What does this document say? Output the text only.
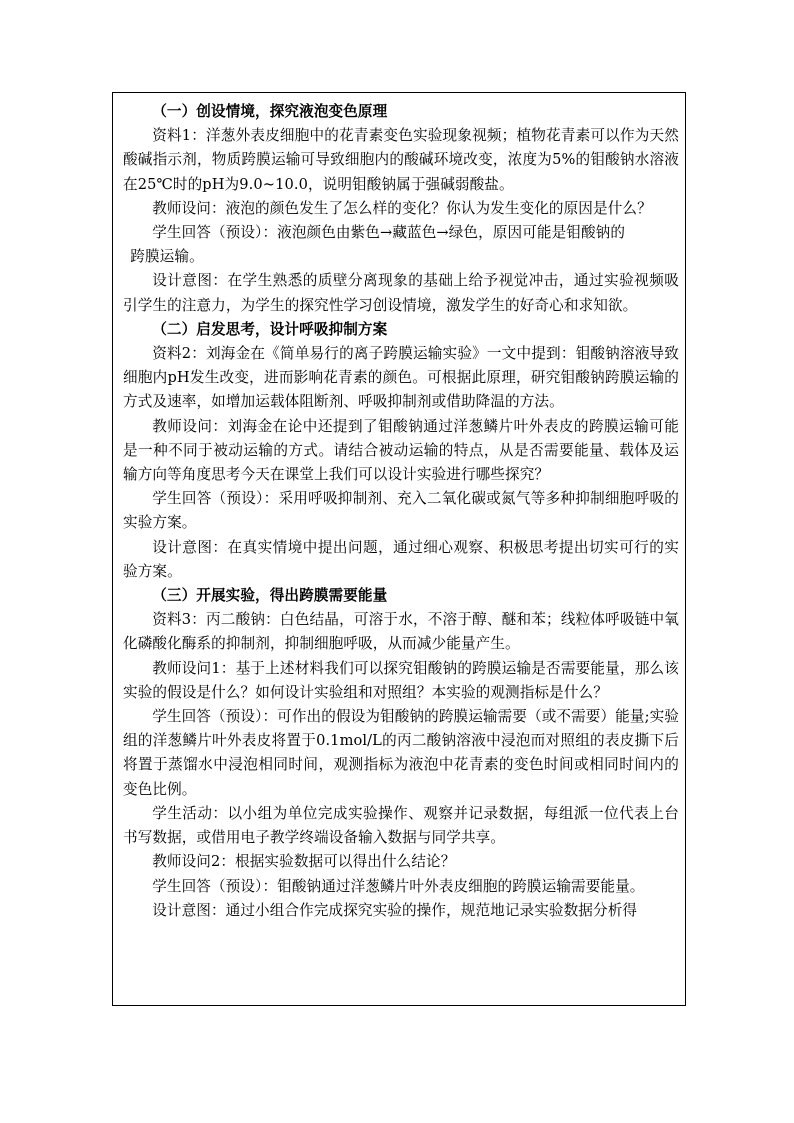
（一）创设情境，探究液泡变色原理

资料1：洋葱外表皮细胞中的花青素变色实验现象视频；植物花青素可以作为天然酸碱指示剂，物质跨膜运输可导致细胞内的酸碱环境改变，浓度为5%的钼酸钠水溶液在25℃时的pH为9.0~10.0，说明钼酸钠属于强碱弱酸盐。

教师设问：液泡的颜色发生了怎么样的变化？你认为发生变化的原因是什么？

学生回答（预设）：液泡颜色由紫色→藏蓝色→绿色，原因可能是钼酸钠的

跨膜运输。

设计意图：在学生熟悉的质壁分离现象的基础上给予视觉冲击，通过实验视频吸引学生的注意力，为学生的探究性学习创设情境，激发学生的好奇心和求知欲。

（二）启发思考，设计呼吸抑制方案

资料2：刘海金在《简单易行的离子跨膜运输实验》一文中提到：钼酸钠溶液导致细胞内pH发生改变，进而影响花青素的颜色。可根据此原理，研究钼酸钠跨膜运输的方式及速率，如增加运载体阻断剂、呼吸抑制剂或借助降温的方法。

教师设问：刘海金在论中还提到了钼酸钠通过洋葱鳞片叶外表皮的跨膜运输可能是一种不同于被动运输的方式。请结合被动运输的特点，从是否需要能量、载体及运输方向等角度思考今天在课堂上我们可以设计实验进行哪些探究？

学生回答（预设）：采用呼吸抑制剂、充入二氧化碳或氮气等多种抑制细胞呼吸的实验方案。

设计意图：在真实情境中提出问题，通过细心观察、积极思考提出切实可行的实验方案。

（三）开展实验，得出跨膜需要能量

资料3：丙二酸钠：白色结晶，可溶于水，不溶于醇、醚和苯；线粒体呼吸链中氧化磷酸化酶系的抑制剂，抑制细胞呼吸，从而减少能量产生。

教师设问1：基于上述材料我们可以探究钼酸钠的跨膜运输是否需要能量，那么该实验的假设是什么？如何设计实验组和对照组？本实验的观测指标是什么？

学生回答（预设）：可作出的假设为钼酸钠的跨膜运输需要（或不需要）能量;实验组的洋葱鳞片叶外表皮将置于0.1mol/L的丙二酸钠溶液中浸泡而对照组的表皮撕下后将置于蒸馏水中浸泡相同时间，观测指标为液泡中花青素的变色时间或相同时间内的变色比例。

学生活动：以小组为单位完成实验操作、观察并记录数据，每组派一位代表上台书写数据，或借用电子教学终端设备输入数据与同学共享。

教师设问2：根据实验数据可以得出什么结论？

学生回答（预设）：钼酸钠通过洋葱鳞片叶外表皮细胞的跨膜运输需要能量。

设计意图：通过小组合作完成探究实验的操作，规范地记录实验数据分析得
